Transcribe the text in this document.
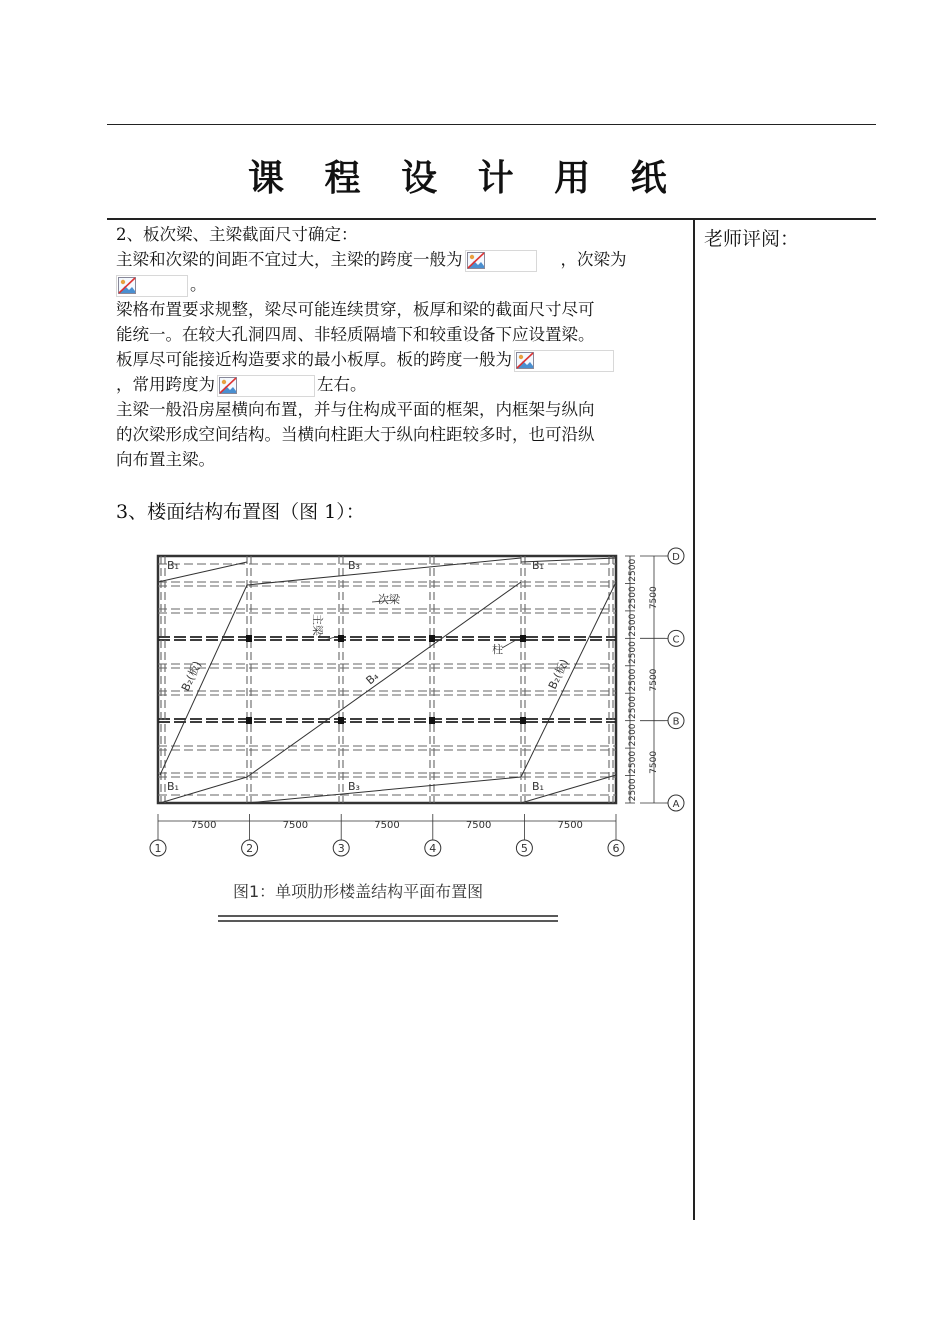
课 程 设 计 用 纸
老师评阅：
2、板次梁、主梁截面尺寸确定：
主梁和次梁的间距不宜过大，主梁的跨度一般为	，次梁为
。
梁格布置要求规整，梁尽可能连续贯穿，板厚和梁的截面尺寸尽可
能统一。在较大孔洞四周、非轻质隔墙下和较重设备下应设置梁。
板厚尽可能接近构造要求的最小板厚。板的跨度一般为
，常用跨度为	左右。
主梁一般沿房屋横向布置，并与住构成平面的框架，内框架与纵向
的次梁形成空间结构。当横向柱距大于纵向柱距较多时，也可沿纵
向布置主梁。
3、楼面结构布置图（图 1）：
B₁	B₃	B₁
B₁	B₃	B₁
B₂(板)	B₄	B₂(板)
次梁
主梁
柱
2500
2500
2500
2500
2500
2500
2500
2500
2500
7500
7500
7500
7500	7500	7500	7500	7500
1	2	3	4	5	6
D
C
B
A
图1：单项肋形楼盖结构平面布置图
